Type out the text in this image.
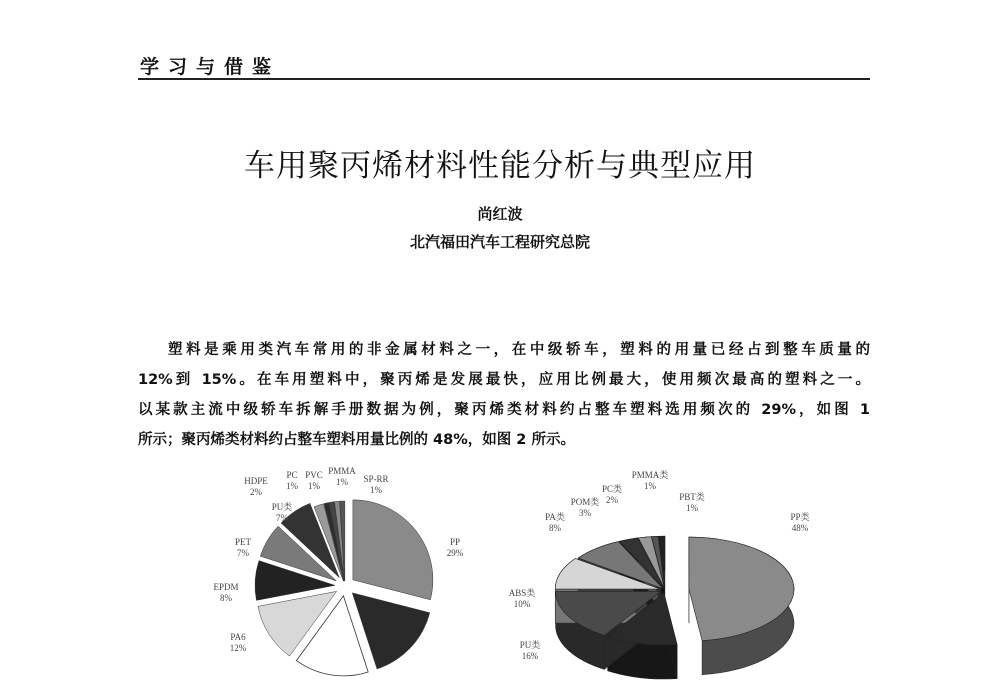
学习与借鉴
车用聚丙烯材料性能分析与典型应用
尚红波
北汽福田汽车工程研究总院
塑料是乘用类汽车常用的非金属材料之一，在中级轿车，塑料的用量已经占到整车质量的
12%到 15%。在车用塑料中，聚丙烯是发展最快，应用比例最大，使用频次最高的塑料之一。
以某款主流中级轿车拆解手册数据为例，聚丙烯类材料约占整车塑料选用频次的 29%，如图 1
所示；聚丙烯类材料约占整车塑料用量比例的 48%，如图 2 所示。
PP
29%
PA6
12%
EPDM
8%
PET
7%
PU类
7%
HDPE
2%
PC
1%
PVC
1%
PMMA
1% SP-RR
1%
PP类
48%
PU类
16%
ABS类
10%
PA类
8%
POM类
3%
PC类
2%
PMMA类
1%
PBT类
1%
